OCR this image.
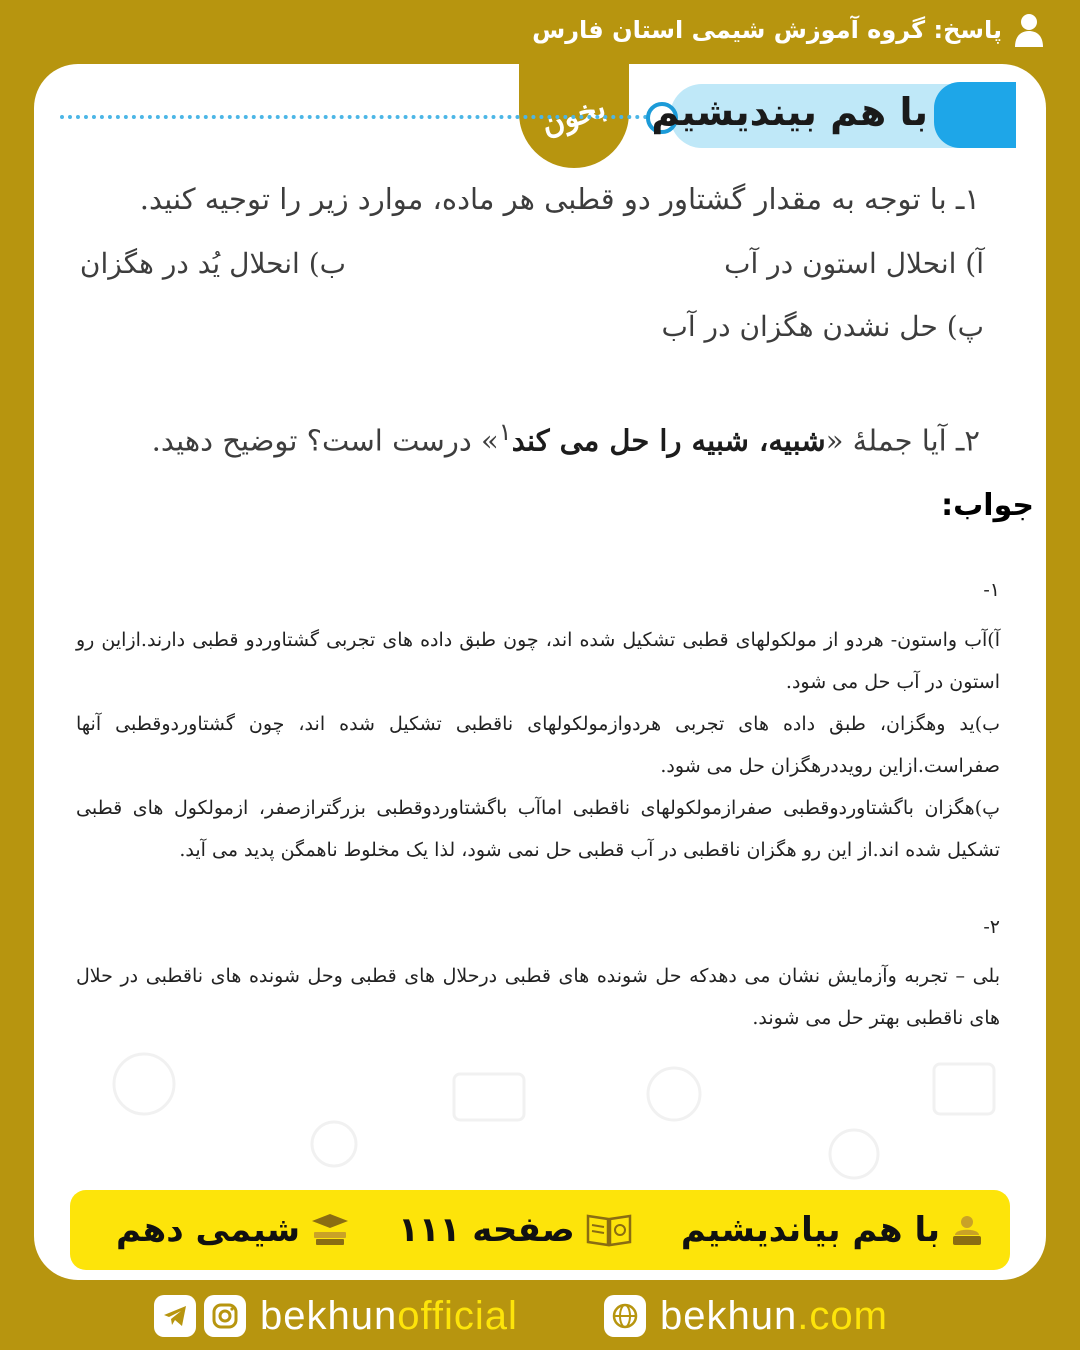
پاسخ: گروه آموزش شیمی استان فارس
بخون با هم بیندیشیم
۱ـ با توجه به مقدار گشتاور دو قطبی هر ماده، موارد زیر را توجیه کنید.
آ) انحلال استون در آب
ب) انحلال یُد در هگزان
پ) حل نشدن هگزان در آب
۲ـ آیا جملهٔ «شبیه، شبیه را حل می کند$^۱$» درست است؟ توضیح دهید.
جواب:
۱-
آ)آب واستون- هردو از مولکولهای قطبی تشکیل شده اند، چون طبق داده های تجربی گشتاوردو قطبی دارند.ازاین رو استون در آب حل می شود.
ب)ید وهگزان، طبق داده های تجربی هردوازمولکولهای ناقطبی تشکیل شده اند، چون گشتاوردوقطبی آنها صفراست.ازاین رویددرهگزان حل می شود.
پ)هگزان باگشتاوردوقطبی صفرازمولکولهای ناقطبی اماآب باگشتاوردوقطبی بزرگترازصفر، ازمولکول های قطبی تشکیل شده اند.از این رو هگزان ناقطبی در آب قطبی حل نمی شود، لذا یک مخلوط ناهمگن پدید می آید.
۲-
بلی – تجربه وآزمایش نشان می دهدکه حل شونده های قطبی درحلال های قطبی وحل شونده های ناقطبی در حلال های ناقطبی بهتر حل می شوند.
با هم بیاندیشیم
صفحه ۱۱۱
شیمی دهم
bekhunofficial	bekhun.com
